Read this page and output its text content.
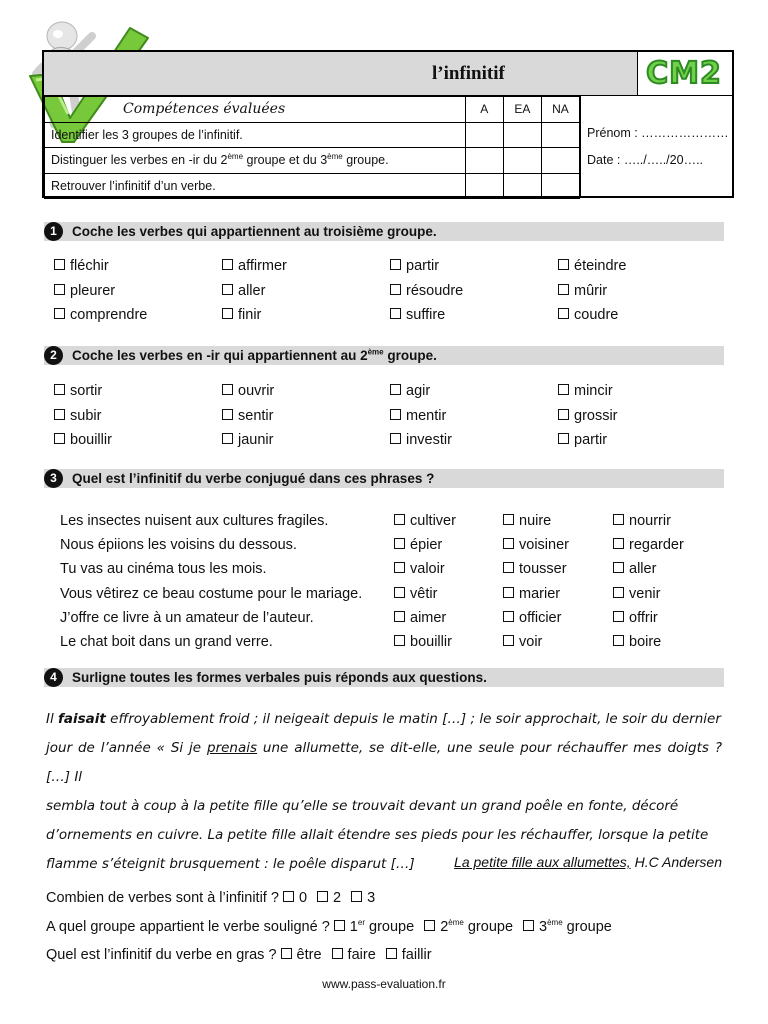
l’infinitif	CM2
Compétences évaluées	A	EA	NA
Identifier les 3 groupes de l’infinitif.			
Distinguer les verbes en -ir du 2ème groupe et du 3ème groupe.			
Retrouver l’infinitif d’un verbe.			
Prénom : …………………
Date : …../…../20…..
1	Coche les verbes qui appartiennent au troisième groupe.
fléchir	affirmer	partir	éteindre
pleurer	aller	résoudre	mûrir
comprendre	finir	suffire	coudre
2	Coche les verbes en -ir qui appartiennent au 2ème groupe.
sortir	ouvrir	agir	mincir
subir	sentir	mentir	grossir
bouillir	jaunir	investir	partir
3	Quel est l’infinitif du verbe conjugué dans ces phrases ?
Les insectes nuisent aux cultures fragiles.	cultiver	nuire	nourrir
Nous épiions les voisins du dessous.	épier	voisiner	regarder
Tu vas au cinéma tous les mois.	valoir	tousser	aller
Vous vêtirez ce beau costume pour le mariage.	vêtir	marier	venir
J’offre ce livre à un amateur de l’auteur.	aimer	officier	offrir
Le chat boit dans un grand verre.	bouillir	voir	boire
4	Surligne toutes les formes verbales puis réponds aux questions.
Il faisait effroyablement froid ; il neigeait depuis le matin […] ; le soir approchait, le soir du dernier
jour de l’année « Si je prenais une allumette, se dit-elle, une seule pour réchauffer mes doigts ? […] Il
sembla tout à coup à la petite fille qu’elle se trouvait devant un grand poêle en fonte, décoré
d’ornements en cuivre. La petite fille allait étendre ses pieds pour les réchauffer, lorsque la petite
flamme s’éteignit brusquement : le poêle disparut […]	La petite fille aux allumettes, H.C Andersen
Combien de verbes sont à l’infinitif ? 0 2 3
A quel groupe appartient le verbe souligné ? 1er groupe 2ème groupe 3ème groupe
Quel est l’infinitif du verbe en gras ? être faire faillir
www.pass-evaluation.fr
